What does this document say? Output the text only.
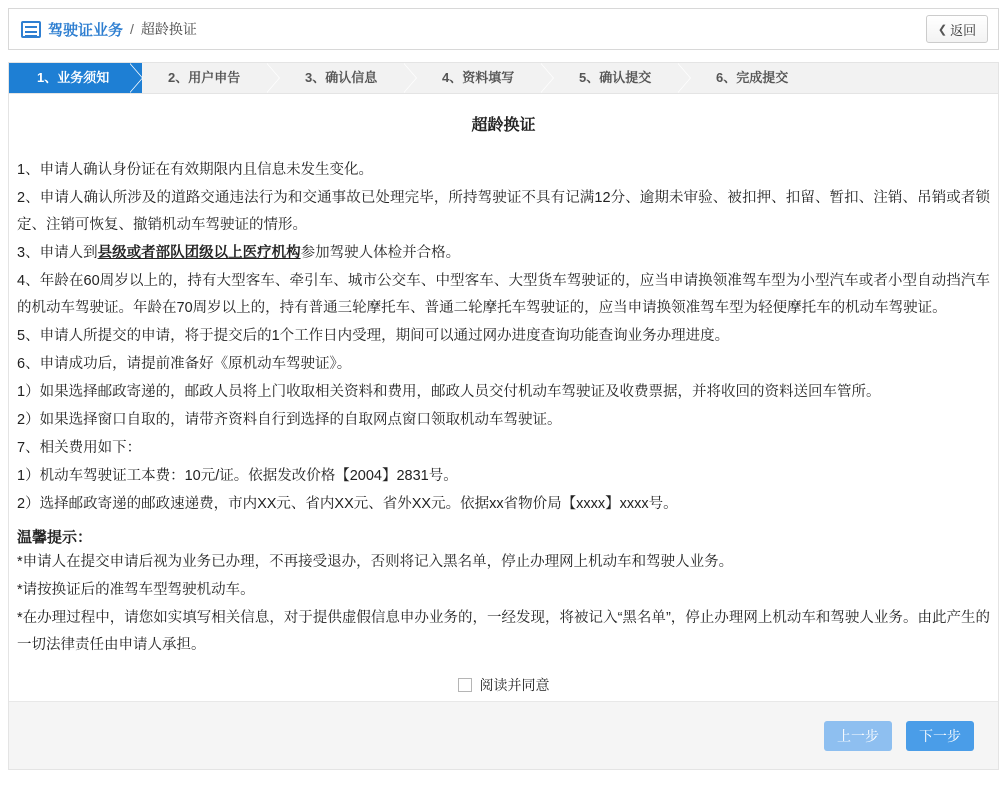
驾驶证业务 / 超龄换证	❮ 返回
1、业务须知	2、用户申告	3、确认信息	4、资料填写	5、确认提交	6、完成提交
超龄换证

1、申请人确认身份证在有效期限内且信息未发生变化。

2、申请人确认所涉及的道路交通违法行为和交通事故已处理完毕，所持驾驶证不具有记满12分、逾期未审验、被扣押、扣留、暂扣、注销、吊销或者锁定、注销可恢复、撤销机动车驾驶证的情形。

3、申请人到县级或者部队团级以上医疗机构参加驾驶人体检并合格。

4、年龄在60周岁以上的，持有大型客车、牵引车、城市公交车、中型客车、大型货车驾驶证的，应当申请换领准驾车型为小型汽车或者小型自动挡汽车的机动车驾驶证。年龄在70周岁以上的，持有普通三轮摩托车、普通二轮摩托车驾驶证的，应当申请换领准驾车型为轻便摩托车的机动车驾驶证。

5、申请人所提交的申请，将于提交后的1个工作日内受理，期间可以通过网办进度查询功能查询业务办理进度。

6、申请成功后，请提前准备好《原机动车驾驶证》。

1）如果选择邮政寄递的，邮政人员将上门收取相关资料和费用，邮政人员交付机动车驾驶证及收费票据，并将收回的资料送回车管所。

2）如果选择窗口自取的，请带齐资料自行到选择的自取网点窗口领取机动车驾驶证。

7、相关费用如下：

1）机动车驾驶证工本费：10元/证。依据发改价格【2004】2831号。

2）选择邮政寄递的邮政速递费，市内XX元、省内XX元、省外XX元。依据xx省物价局【xxxx】xxxx号。

温馨提示：

*申请人在提交申请后视为业务已办理，不再接受退办，否则将记入黑名单，停止办理网上机动车和驾驶人业务。

*请按换证后的准驾车型驾驶机动车。

*在办理过程中，请您如实填写相关信息，对于提供虚假信息申办业务的，一经发现，将被记入“黑名单”，停止办理网上机动车和驾驶人业务。由此产生的一切法律责任由申请人承担。

阅读并同意
上一步	下一步
